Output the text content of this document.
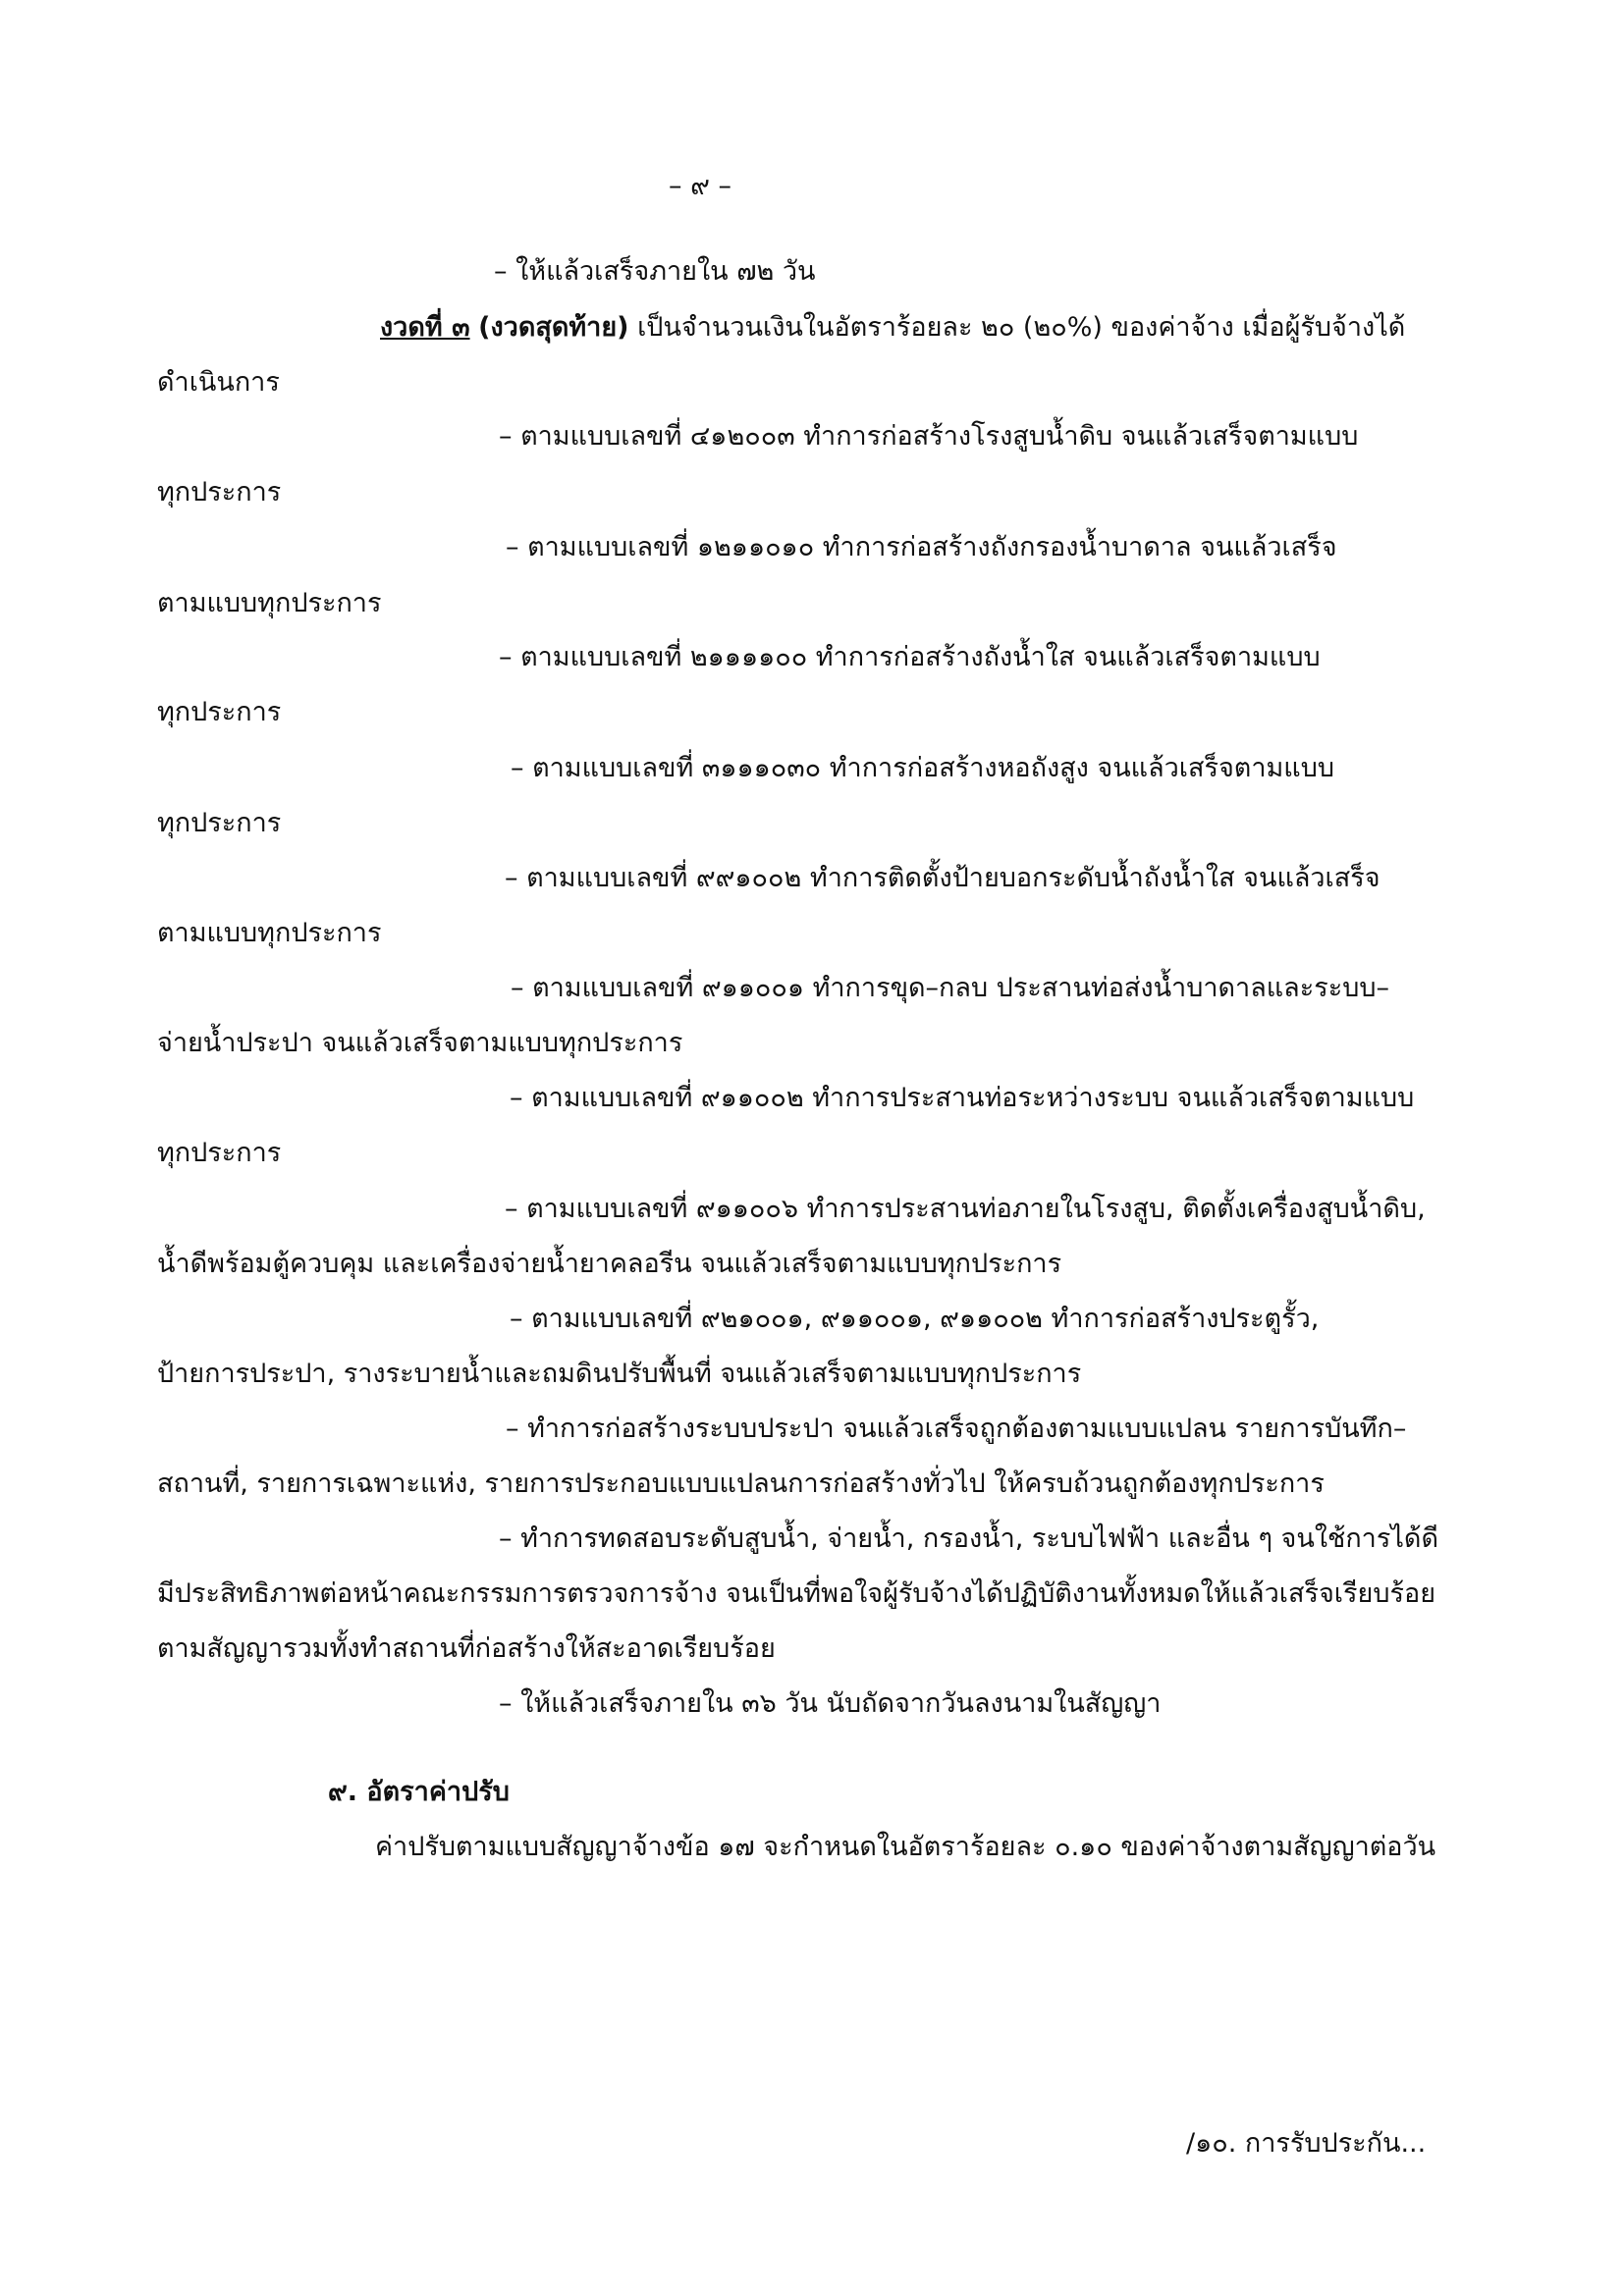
– ๙ –
– ให้แล้วเสร็จภายใน ๗๒ วัน
งวดที่ ๓ (งวดสุดท้าย) เป็นจำนวนเงินในอัตราร้อยละ ๒๐ (๒๐%) ของค่าจ้าง เมื่อผู้รับจ้างได้
ดำเนินการ
– ตามแบบเลขที่ ๔๑๒๐๐๓ ทำการก่อสร้างโรงสูบน้ำดิบ จนแล้วเสร็จตามแบบ
ทุกประการ
– ตามแบบเลขที่ ๑๒๑๑๐๑๐ ทำการก่อสร้างถังกรองน้ำบาดาล จนแล้วเสร็จ
ตามแบบทุกประการ
– ตามแบบเลขที่ ๒๑๑๑๑๐๐ ทำการก่อสร้างถังน้ำใส จนแล้วเสร็จตามแบบ
ทุกประการ
– ตามแบบเลขที่ ๓๑๑๑๐๓๐ ทำการก่อสร้างหอถังสูง จนแล้วเสร็จตามแบบ
ทุกประการ
– ตามแบบเลขที่ ๙๙๑๐๐๒ ทำการติดตั้งป้ายบอกระดับน้ำถังน้ำใส จนแล้วเสร็จ
ตามแบบทุกประการ
– ตามแบบเลขที่ ๙๑๑๐๐๑ ทำการขุด–กลบ ประสานท่อส่งน้ำบาดาลและระบบ–
จ่ายน้ำประปา จนแล้วเสร็จตามแบบทุกประการ
– ตามแบบเลขที่ ๙๑๑๐๐๒ ทำการประสานท่อระหว่างระบบ จนแล้วเสร็จตามแบบ
ทุกประการ
– ตามแบบเลขที่ ๙๑๑๐๐๖ ทำการประสานท่อภายในโรงสูบ, ติดตั้งเครื่องสูบน้ำดิบ,
น้ำดีพร้อมตู้ควบคุม และเครื่องจ่ายน้ำยาคลอรีน จนแล้วเสร็จตามแบบทุกประการ
– ตามแบบเลขที่ ๙๒๑๐๐๑, ๙๑๑๐๐๑, ๙๑๑๐๐๒ ทำการก่อสร้างประตูรั้ว,
ป้ายการประปา, รางระบายน้ำและถมดินปรับพื้นที่ จนแล้วเสร็จตามแบบทุกประการ
– ทำการก่อสร้างระบบประปา จนแล้วเสร็จถูกต้องตามแบบแปลน รายการบันทึก–
สถานที่, รายการเฉพาะแห่ง, รายการประกอบแบบแปลนการก่อสร้างทั่วไป ให้ครบถ้วนถูกต้องทุกประการ
– ทำการทดสอบระดับสูบน้ำ, จ่ายน้ำ, กรองน้ำ, ระบบไฟฟ้า และอื่น ๆ จนใช้การได้ดี
มีประสิทธิภาพต่อหน้าคณะกรรมการตรวจการจ้าง จนเป็นที่พอใจผู้รับจ้างได้ปฏิบัติงานทั้งหมดให้แล้วเสร็จเรียบร้อย
ตามสัญญารวมทั้งทำสถานที่ก่อสร้างให้สะอาดเรียบร้อย
– ให้แล้วเสร็จภายใน ๓๖ วัน นับถัดจากวันลงนามในสัญญา
๙. อัตราค่าปรับ
ค่าปรับตามแบบสัญญาจ้างข้อ ๑๗ จะกำหนดในอัตราร้อยละ ๐.๑๐ ของค่าจ้างตามสัญญาต่อวัน
/๑๐. การรับประกัน...
